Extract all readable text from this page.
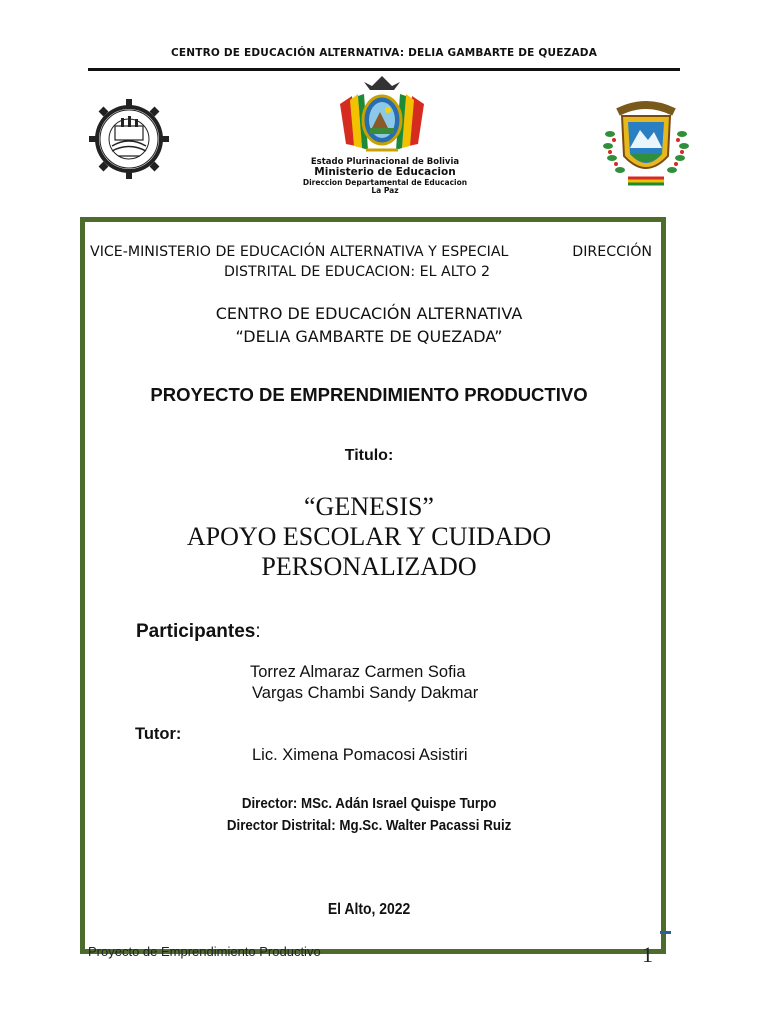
CENTRO DE EDUCACIÓN ALTERNATIVA: DELIA GAMBARTE DE QUEZADA
Estado Plurinacional de Bolivia
Ministerio de Educacion
Direccion Departamental de Educacion La Paz
VICE-MINISTERIO DE EDUCACIÓN ALTERNATIVA Y ESPECIAL	DIRECCIÓN
DISTRITAL DE EDUCACION: EL ALTO 2
CENTRO DE EDUCACIÓN ALTERNATIVA
“DELIA GAMBARTE DE QUEZADA”
PROYECTO DE EMPRENDIMIENTO PRODUCTIVO
Titulo:
“GENESIS”
APOYO ESCOLAR Y CUIDADO
PERSONALIZADO
Participantes:
Torrez Almaraz Carmen Sofia
Vargas Chambi Sandy Dakmar
Tutor:
Lic. Ximena Pomacosi Asistiri
Director: MSc. Adán Israel Quispe Turpo
Director Distrital: Mg.Sc. Walter Pacassi Ruiz
El Alto, 2022
Proyecto de Emprendimiento Productivo	1
